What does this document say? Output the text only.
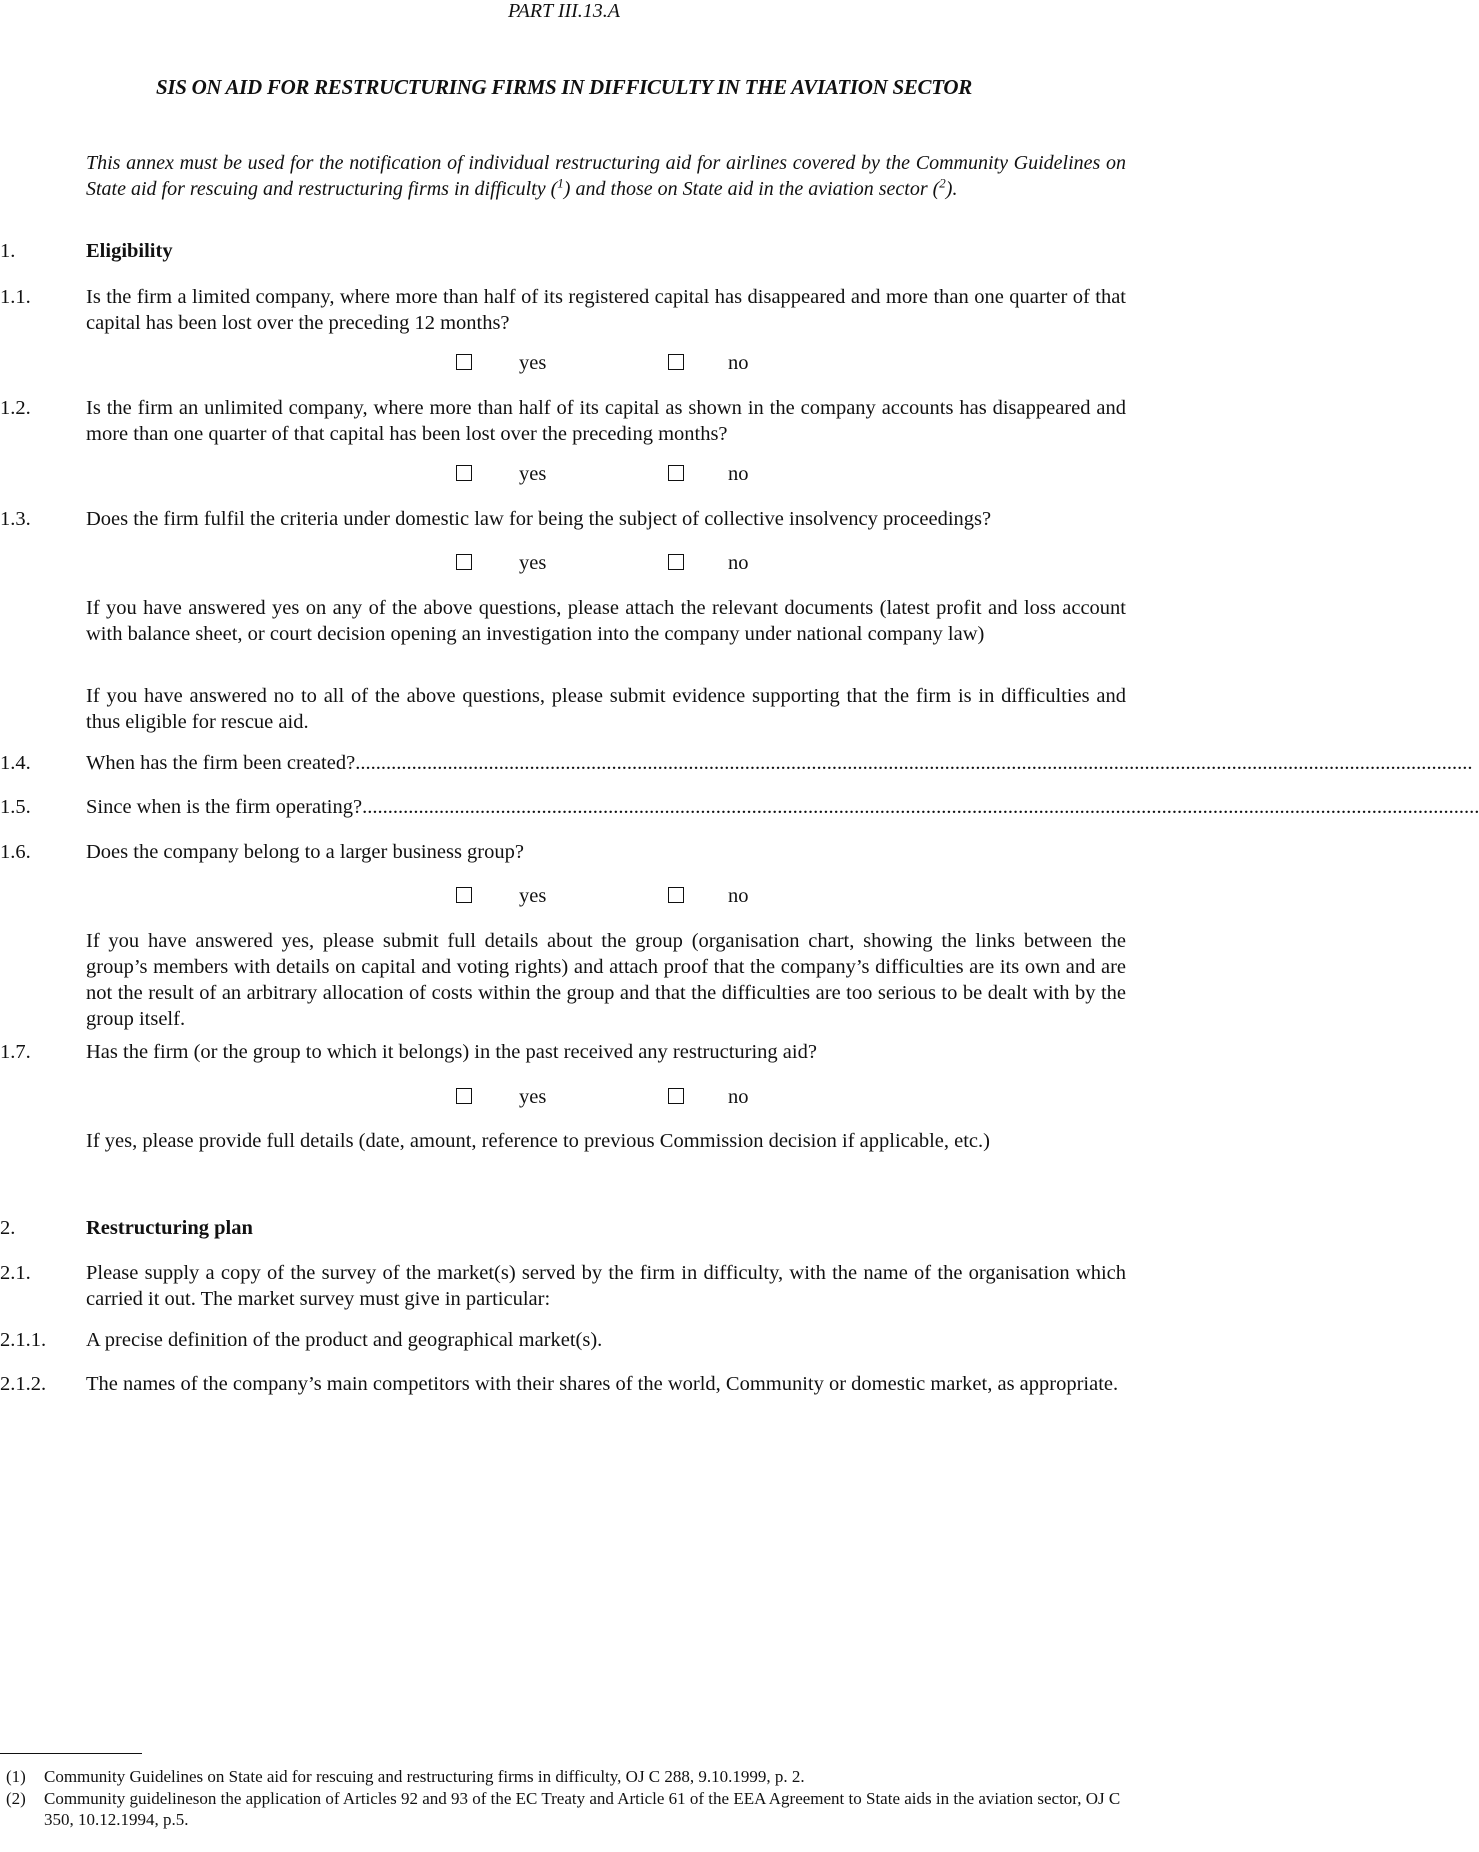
PART III.13.A
SIS ON AID FOR RESTRUCTURING FIRMS IN DIFFICULTY IN THE AVIATION SECTOR
This annex must be used for the notification of individual restructuring aid for airlines covered by the Community Guidelines on State aid for rescuing and restructuring firms in difficulty ($^1$) and those on State aid in the aviation sector ($^2$).
1.	Eligibility
1.1.	Is the firm a limited company, where more than half of its registered capital has disappeared and more than one quarter of that capital has been lost over the preceding 12 months?
yes	no
1.2.	Is the firm an unlimited company, where more than half of its capital as shown in the company accounts has disappeared and more than one quarter of that capital has been lost over the preceding months?
yes	no
1.3.	Does the firm fulfil the criteria under domestic law for being the subject of collective insolvency proceedings?
yes	no
If you have answered yes on any of the above questions, please attach the relevant documents (latest profit and loss account with balance sheet, or court decision opening an investigation into the company under national company law)
If you have answered no to all of the above questions, please submit evidence supporting that the firm is in difficulties and thus eligible for rescue aid.
1.4.	When has the firm been created?..........................................................................................................................................................................................................................
1.5.	Since when is the firm operating?..........................................................................................................................................................................................................................
1.6.	Does the company belong to a larger business group?
yes	no
If you have answered yes, please submit full details about the group (organisation chart, showing the links between the group’s members with details on capital and voting rights) and attach proof that the company’s difficulties are its own and are not the result of an arbitrary allocation of costs within the group and that the difficulties are too serious to be dealt with by the group itself.
1.7.	Has the firm (or the group to which it belongs) in the past received any restructuring aid?
yes	no
If yes, please provide full details (date, amount, reference to previous Commission decision if applicable, etc.)
2.	Restructuring plan
2.1.	Please supply a copy of the survey of the market(s) served by the firm in difficulty, with the name of the organisation which carried it out. The market survey must give in particular:
2.1.1. A precise definition of the product and geographical market(s).
2.1.2. The names of the company’s main competitors with their shares of the world, Community or domestic market, as appropriate.
(1) Community Guidelines on State aid for rescuing and restructuring firms in difficulty, OJ C 288, 9.10.1999, p. 2.
(2) Community guidelineson the application of Articles 92 and 93 of the EC Treaty and Article 61 of the EEA Agreement to State aids in the aviation sector, OJ C 350, 10.12.1994, p.5.
